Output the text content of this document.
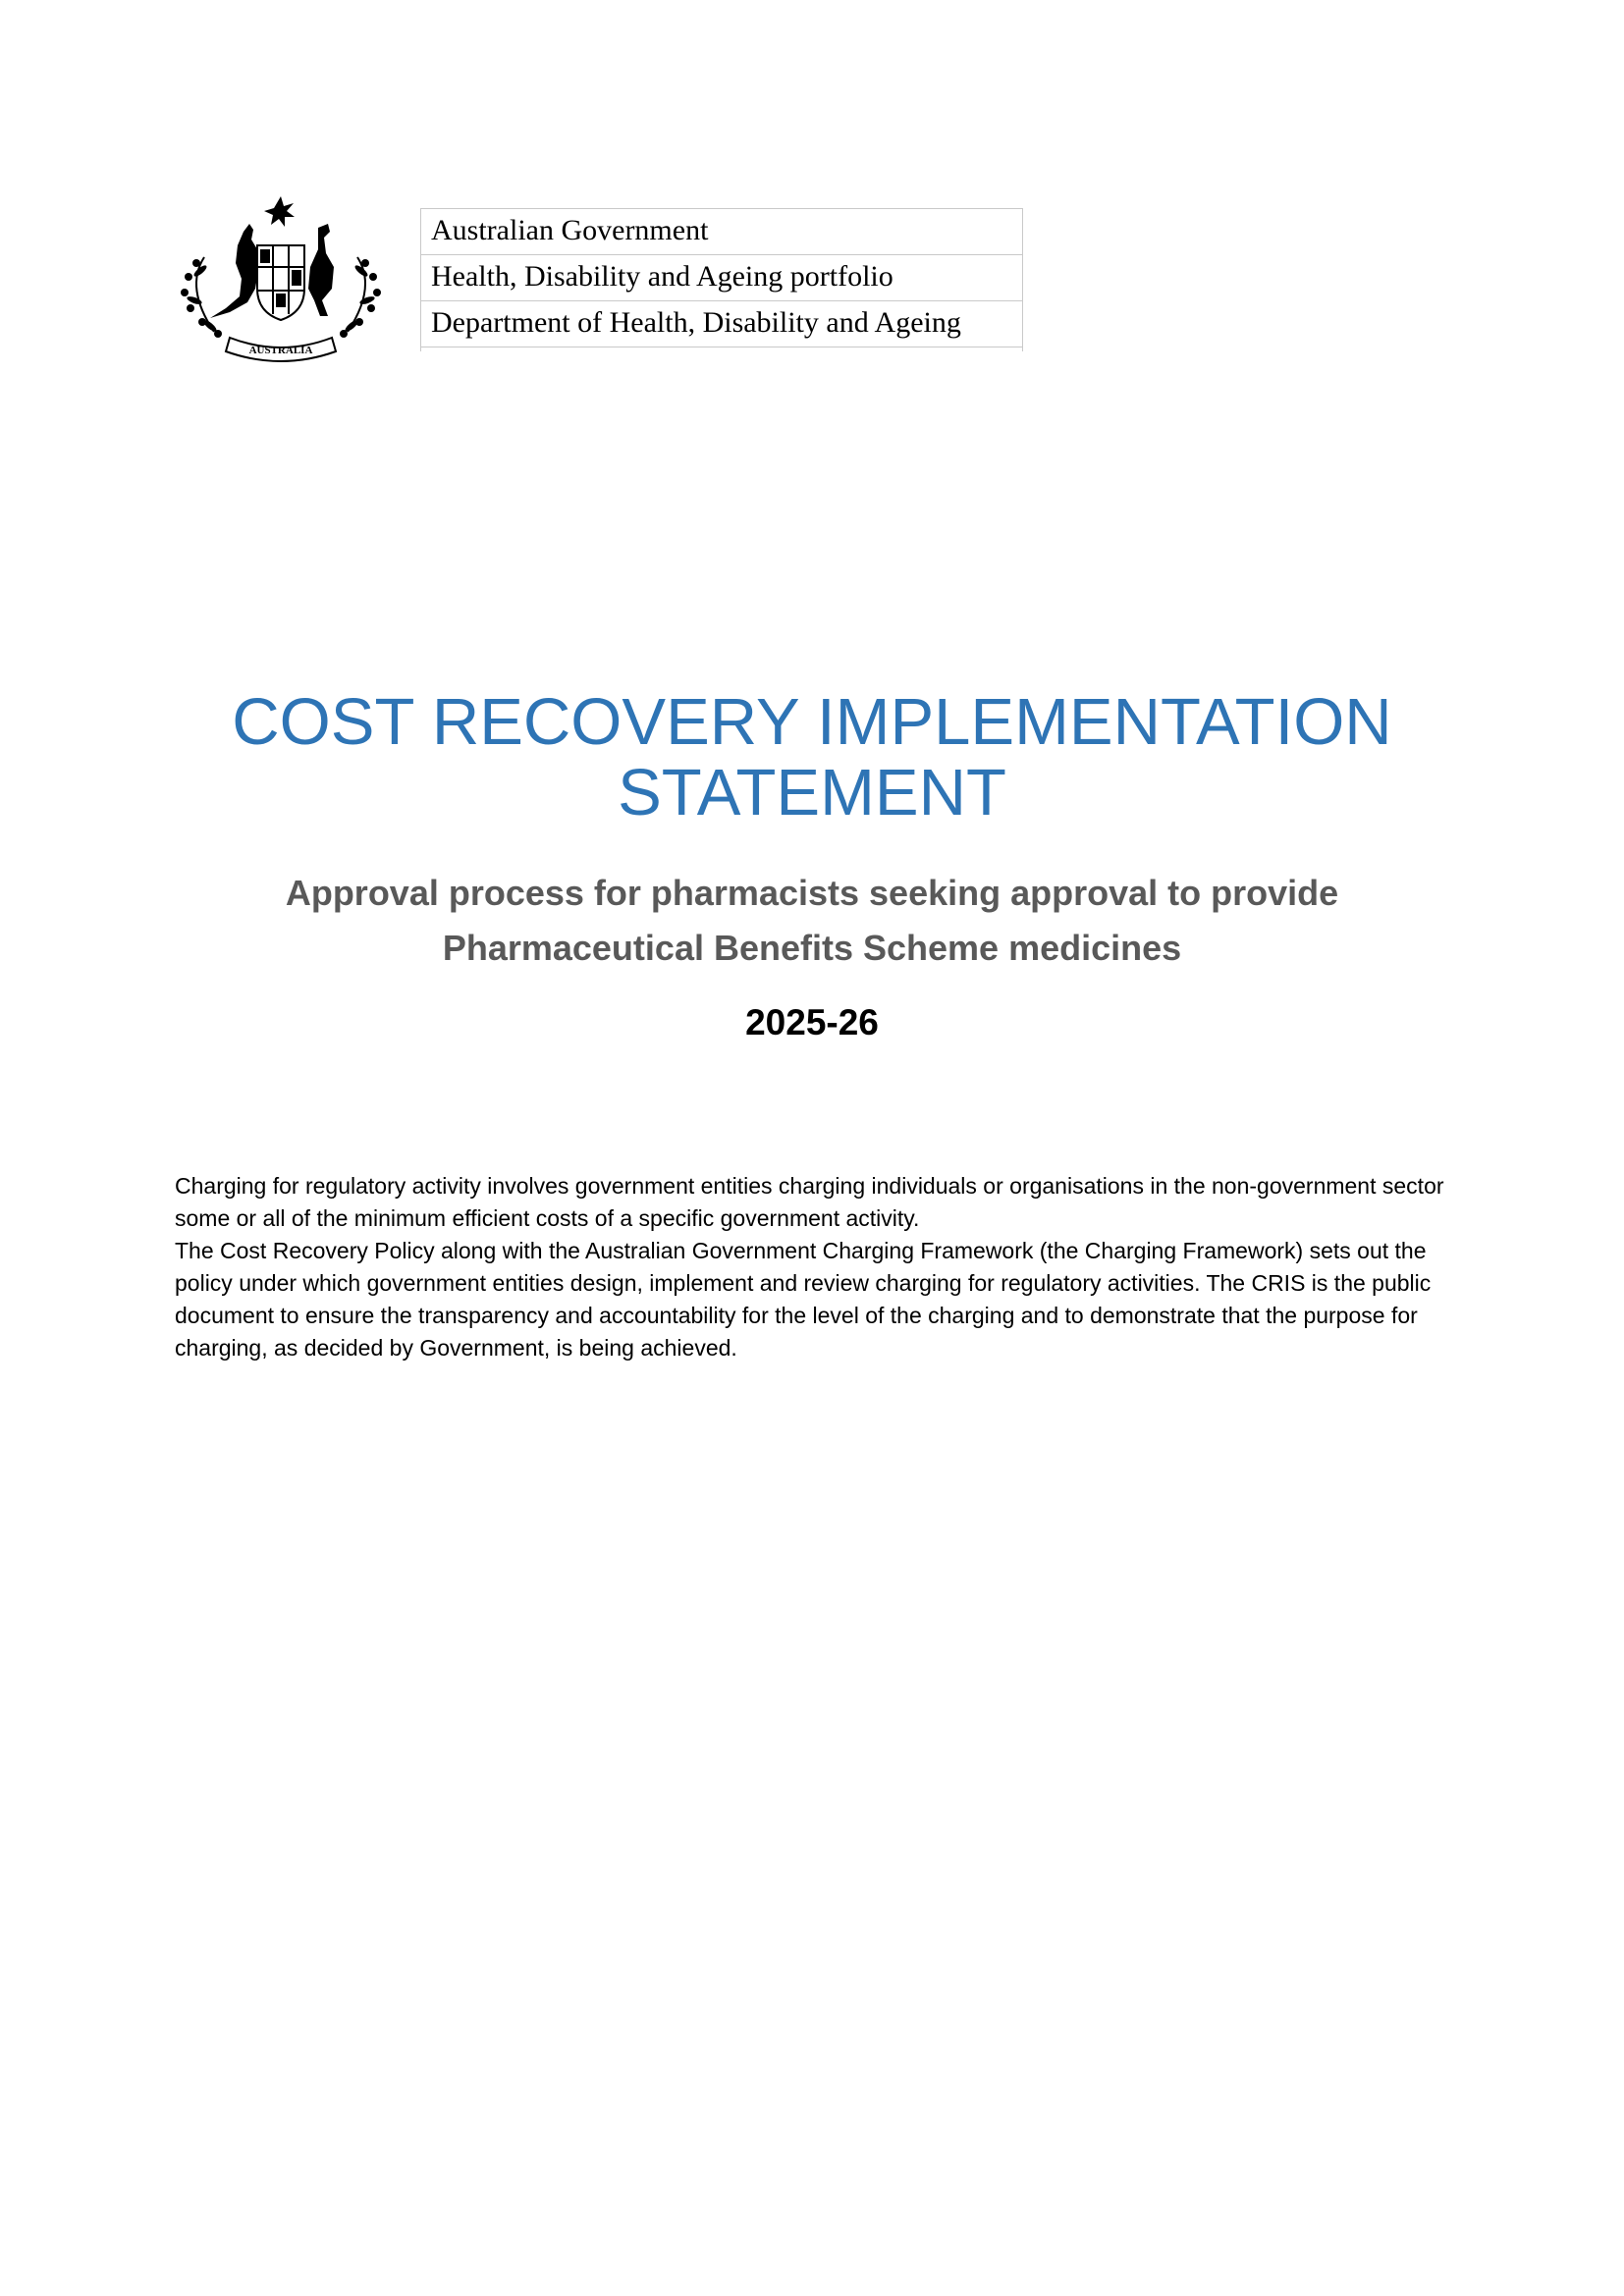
AUSTRALIA
Australian Government
Health, Disability and Ageing portfolio
Department of Health, Disability and Ageing

COST RECOVERY IMPLEMENTATION
STATEMENT
Approval process for pharmacists seeking approval to provide
Pharmaceutical Benefits Scheme medicines
2025-26

Charging for regulatory activity involves government entities charging individuals or organisations in the non-government sector some or all of the minimum efficient costs of a specific government activity.

The Cost Recovery Policy along with the Australian Government Charging Framework (the Charging Framework) sets out the policy under which government entities design, implement and review charging for regulatory activities. The CRIS is the public document to ensure the transparency and accountability for the level of the charging and to demonstrate that the purpose for charging, as decided by Government, is being achieved.
